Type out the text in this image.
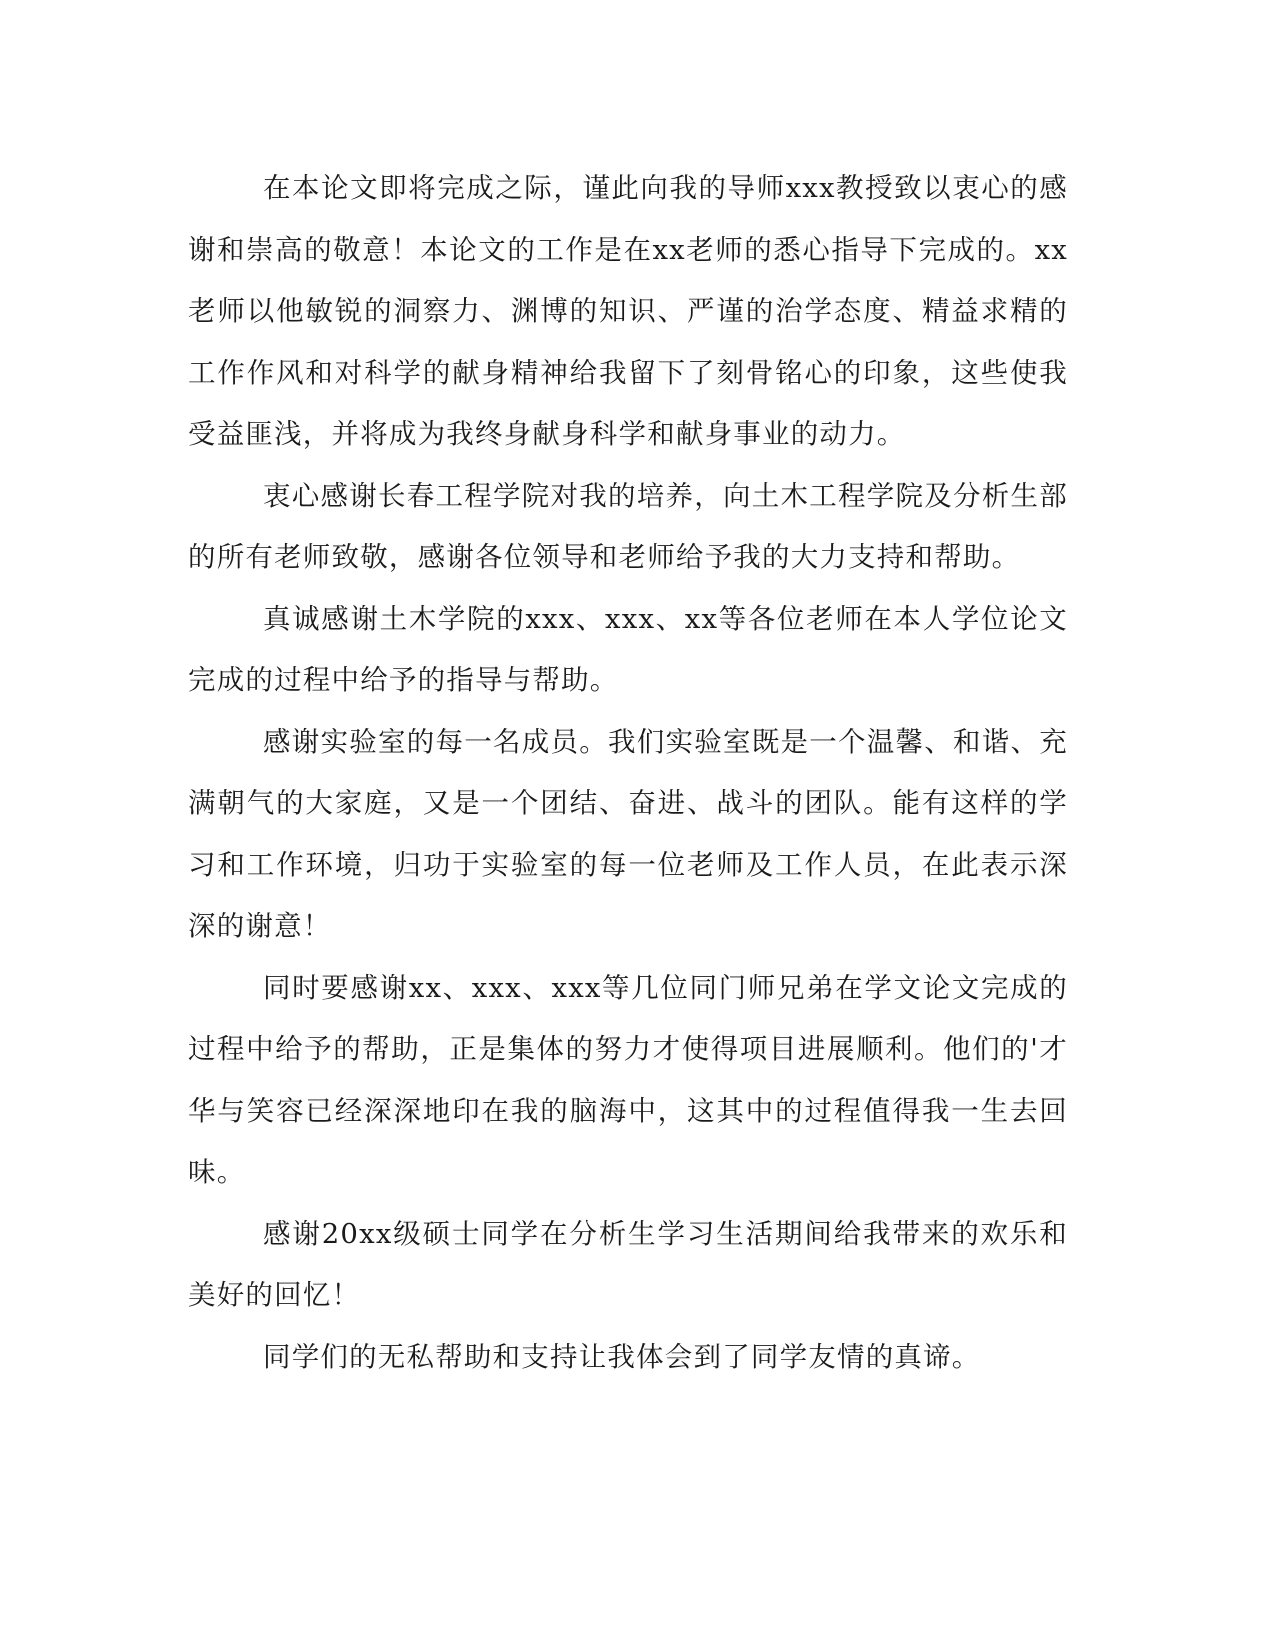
在本论文即将完成之际，谨此向我的导师xxx教授致以衷心的感谢和崇高的敬意！本论文的工作是在xx老师的悉心指导下完成的。xx老师以他敏锐的洞察力、渊博的知识、严谨的治学态度、精益求精的工作作风和对科学的献身精神给我留下了刻骨铭心的印象，这些使我受益匪浅，并将成为我终身献身科学和献身事业的动力。

衷心感谢长春工程学院对我的培养，向土木工程学院及分析生部的所有老师致敬，感谢各位领导和老师给予我的大力支持和帮助。

真诚感谢土木学院的xxx、xxx、xx等各位老师在本人学位论文完成的过程中给予的指导与帮助。

感谢实验室的每一名成员。我们实验室既是一个温馨、和谐、充满朝气的大家庭，又是一个团结、奋进、战斗的团队。能有这样的学习和工作环境，归功于实验室的每一位老师及工作人员，在此表示深深的谢意！

同时要感谢xx、xxx、xxx等几位同门师兄弟在学文论文完成的过程中给予的帮助，正是集体的努力才使得项目进展顺利。他们的'才华与笑容已经深深地印在我的脑海中，这其中的过程值得我一生去回味。

感谢20xx级硕士同学在分析生学习生活期间给我带来的欢乐和美好的回忆！

同学们的无私帮助和支持让我体会到了同学友情的真谛。
